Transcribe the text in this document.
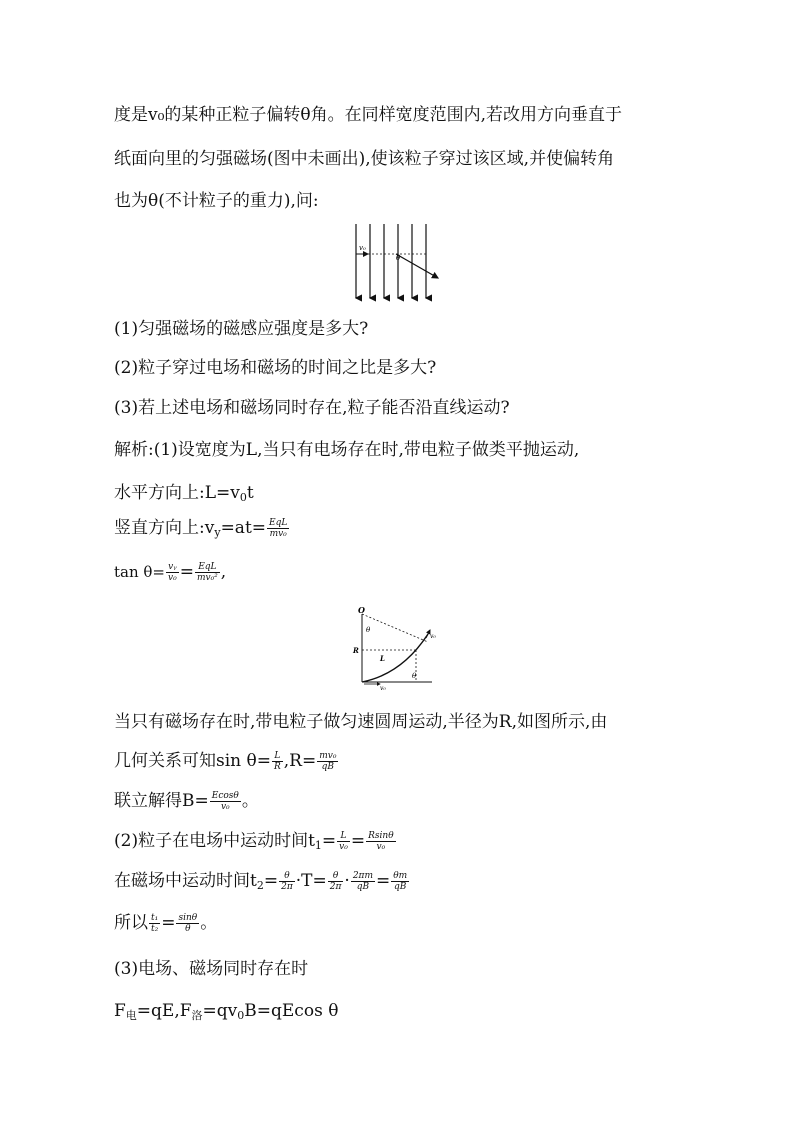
度是v₀的某种正粒子偏转θ角。在同样宽度范围内,若改用方向垂直于
纸面向里的匀强磁场(图中未画出),使该粒子穿过该区域,并使偏转角
也为θ(不计粒子的重力),问:
v₀
θ
(1)匀强磁场的磁感应强度是多大?
(2)粒子穿过电场和磁场的时间之比是多大?
(3)若上述电场和磁场同时存在,粒子能否沿直线运动?
解析:(1)设宽度为L,当只有电场存在时,带电粒子做类平抛运动,
水平方向上$:L=v_0t$
竖直方向上$:v_y=at= \frac{\text{EqL}}{\text{mv₀}}$
$\tan \theta= \frac{\text{vᵧ}}{\text{v₀}} = \frac{\text{EqL}}{\text{mv₀²}}$ ,
O
θ
v₀
R
L
θ
v₀
当只有磁场存在时,带电粒子做匀速圆周运动,半径为R,如图所示,由
几何关系可知$\sin \theta= \frac{L}{R} ,R= \frac{\text{mv₀}}{qB}$
联立解得$B= \frac{Ecos\theta}{\text{v₀}}$ 。
(2)粒子在电场中运动时间$t_1= \frac{L}{\text{v₀}} = \frac{Rsin\theta}{\text{v₀}}$
在磁场中运动时间$t_2= \frac{\theta}{2\pi} \cdot T= \frac{\theta}{2\pi} \cdot \frac{2\pi m}{qB} = \frac{\theta m}{qB}$
所以 $\frac{\text{t₁}}{\text{t₂}} = \frac{\sin\theta}{\theta}$ 。
(3)电场、磁场同时存在时
$F_电=qE,F_洛=qv_0B=qEcos$ θ
